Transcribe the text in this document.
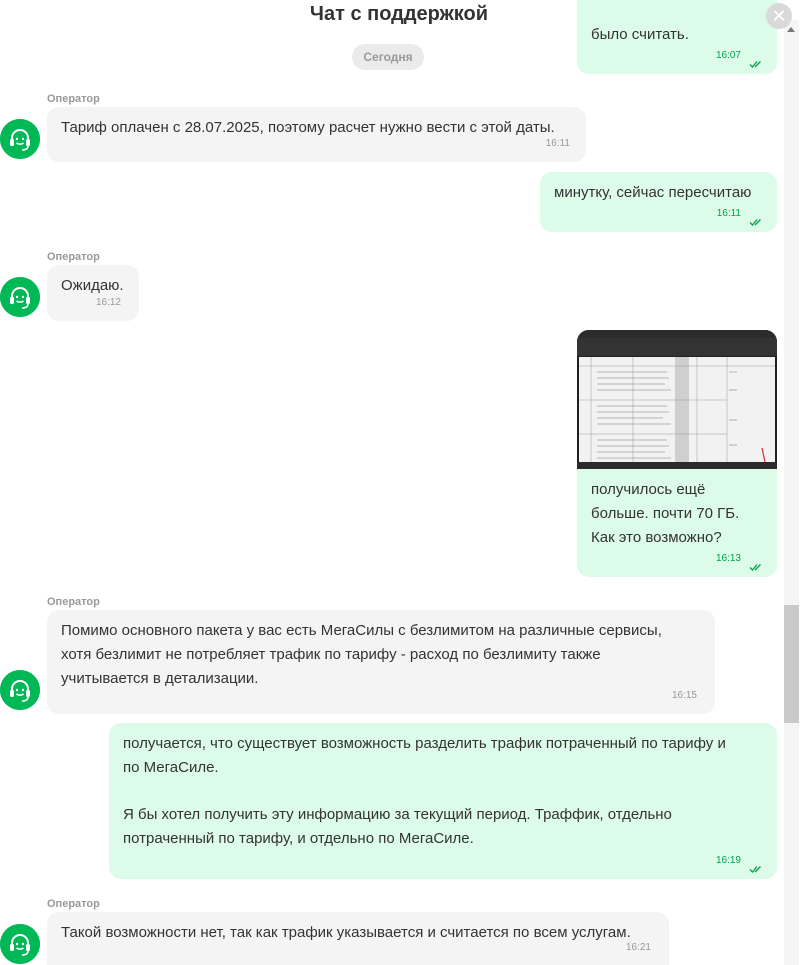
Чат с поддержкой	✕
было считать.
16:07
Сегодня
Оператор
Тариф оплачен с 28.07.2025, поэтому расчет нужно вести с этой даты.
16:11
минутку, сейчас пересчитаю
16:11
Оператор
Ожидаю.
16:12
получилось ещё
больше. почти 70 ГБ.
Как это возможно?
16:13
Оператор
Помимо основного пакета у вас есть МегаСилы с безлимитом на различные сервисы,
хотя безлимит не потребляет трафик по тарифу - расход по безлимиту также
учитывается в детализации.
16:15
получается, что существует возможность разделить трафик потраченный по тарифу и
по МегаСиле.
Я бы хотел получить эту информацию за текущий период. Траффик, отдельно
потраченный по тарифу, и отдельно по МегаСиле.
16:19
Оператор
Такой возможности нет, так как трафик указывается и считается по всем услугам.
16:21
